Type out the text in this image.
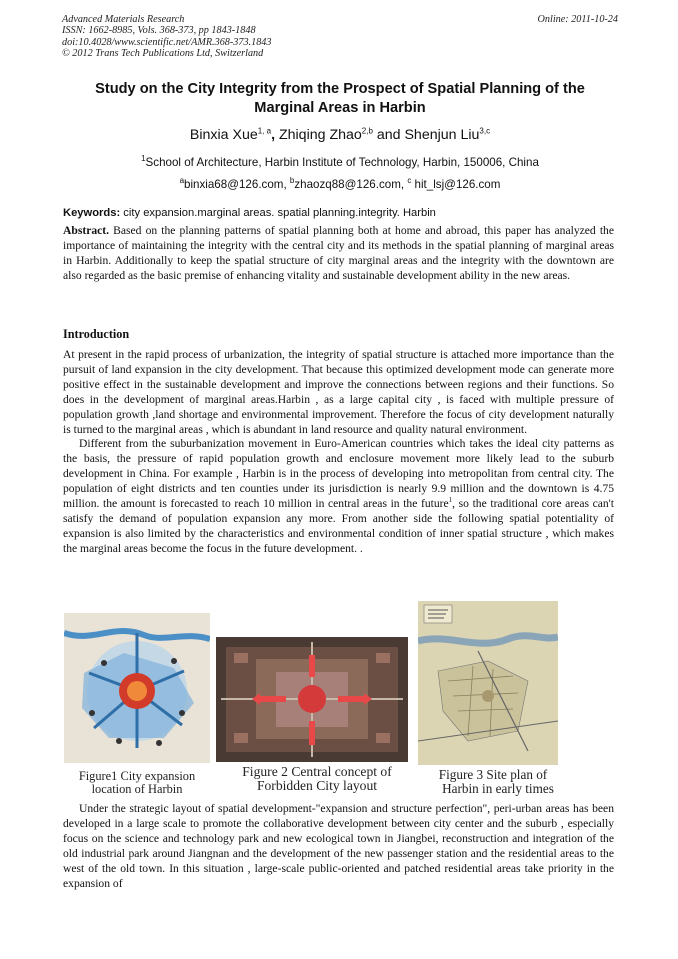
Advanced Materials Research
ISSN: 1662-8985, Vols. 368-373, pp 1843-1848
doi:10.4028/www.scientific.net/AMR.368-373.1843
© 2012 Trans Tech Publications Ltd, Switzerland
Online: 2011-10-24
Study on the City Integrity from the Prospect of Spatial Planning of the
Marginal Areas in Harbin
Binxia Xue$^{1, a}$, Zhiqing Zhao$^{2,b}$ and Shenjun Liu$^{3,c}$
$^1$School of Architecture, Harbin Institute of Technology, Harbin, 150006, China
$^a$binxia68@126.com, $^b$zhaozq88@126.com, $^c$ hit_lsj@126.com
Keywords: city expansion.marginal areas. spatial planning.integrity. Harbin
Abstract. Based on the planning patterns of spatial planning both at home and abroad, this paper has analyzed the importance of maintaining the integrity with the central city and its methods in the spatial planning of marginal areas in Harbin. Additionally to keep the spatial structure of city marginal areas and the integrity with the downtown are also regarded as the basic premise of enhancing vitality and sustainable development ability in the new areas.
Introduction

At present in the rapid process of urbanization, the integrity of spatial structure is attached more importance than the pursuit of land expansion in the city development. That because this optimized development mode can generate more positive effect in the sustainable development and improve the connections between regions and their functions. So does in the development of marginal areas.Harbin , as a large capital city , is faced with multiple pressure of population growth ,land shortage and environmental improvement. Therefore the focus of city development naturally is turned to the marginal areas , which is abundant in land resource and quality natural environment.

Different from the suburbanization movement in Euro-American countries which takes the ideal city patterns as the basis, the pressure of rapid population growth and enclosure movement more likely lead to the suburb development in China. For example , Harbin is in the process of developing into metropolitan from central city. The population of eight districts and ten counties under its jurisdiction is nearly 9.9 million and the downtown is 4.75 million. the amount is forecasted to reach 10 million in central areas in the future$^1$, so the traditional core areas can't satisfy the demand of population expansion any more. From another side the following spatial potentiality of expansion is also limited by the characteristics and environmental condition of inner spatial structure , which makes the marginal areas become the focus in the future development. .

Figure1 City expansion
location of Harbin
Figure 2 Central concept of
Forbidden City layout
Figure 3 Site plan of
Harbin in early times

Under the strategic layout of spatial development-"expansion and structure perfection", peri-urban areas has been developed in a large scale to promote the collaborative development between city center and the suburb , especially focus on the science and technology park and new ecological town in Jiangbei, reconstruction and integration of the old industrial park around Jiangnan and the development of the new passenger station and the residential areas to the west of the old town. In this situation , large-scale public-oriented and patched residential areas take priority in the expansion of
